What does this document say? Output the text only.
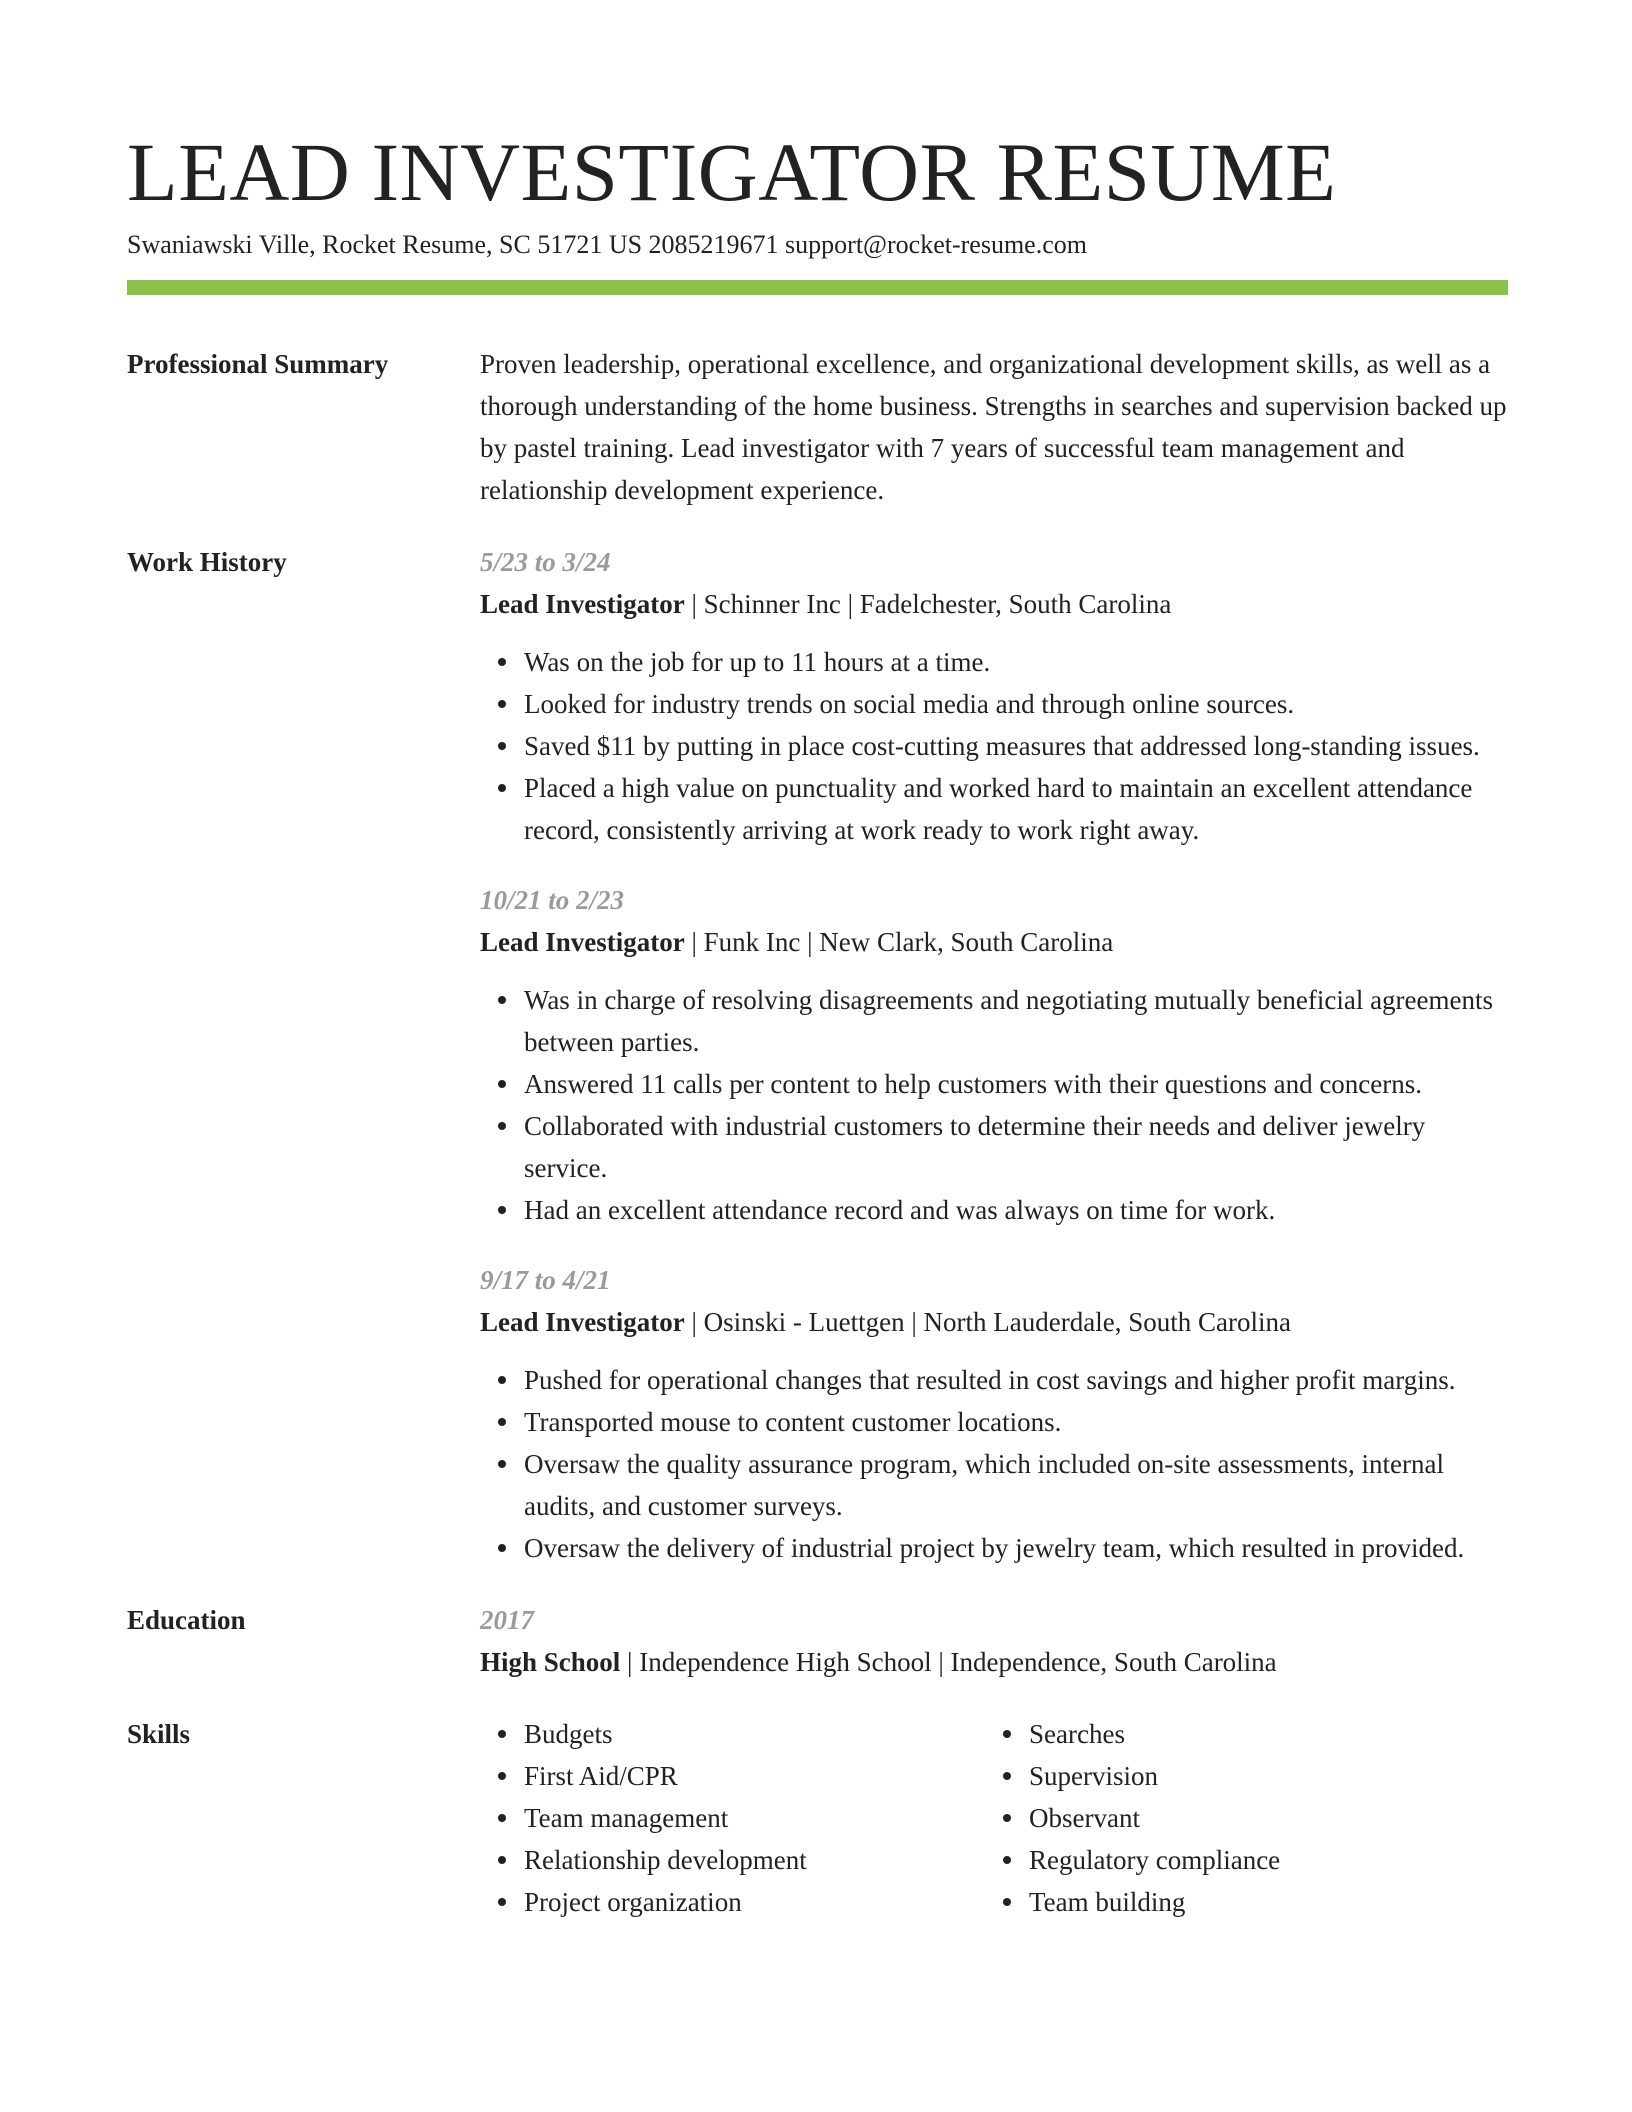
LEAD INVESTIGATOR RESUME
Swaniawski Ville, Rocket Resume, SC 51721 US 2085219671 support@rocket-resume.com
Professional Summary	Proven leadership, operational excellence, and organizational development skills, as well as a thorough understanding of the home business. Strengths in searches and supervision backed up by pastel training. Lead investigator with 7 years of successful team management and relationship development experience.

Work History	5/23 to 3/24
Lead Investigator | Schinner Inc | Fadelchester, South Carolina
Was on the job for up to 11 hours at a time.
Looked for industry trends on social media and through online sources.
Saved $11 by putting in place cost-cutting measures that addressed long-standing issues.
Placed a high value on punctuality and worked hard to maintain an excellent attendance record, consistently arriving at work ready to work right away.
10/21 to 2/23
Lead Investigator | Funk Inc | New Clark, South Carolina
Was in charge of resolving disagreements and negotiating mutually beneficial agreements between parties.
Answered 11 calls per content to help customers with their questions and concerns.
Collaborated with industrial customers to determine their needs and deliver jewelry service.
Had an excellent attendance record and was always on time for work.
9/17 to 4/21
Lead Investigator | Osinski - Luettgen | North Lauderdale, South Carolina
Pushed for operational changes that resulted in cost savings and higher profit margins.
Transported mouse to content customer locations.
Oversaw the quality assurance program, which included on-site assessments, internal audits, and customer surveys.
Oversaw the delivery of industrial project by jewelry team, which resulted in provided.
Education	2017
High School | Independence High School | Independence, South Carolina
Skills	Budgets
First Aid/CPR
Team management
Relationship development
Project organization
Searches
Supervision
Observant
Regulatory compliance
Team building
